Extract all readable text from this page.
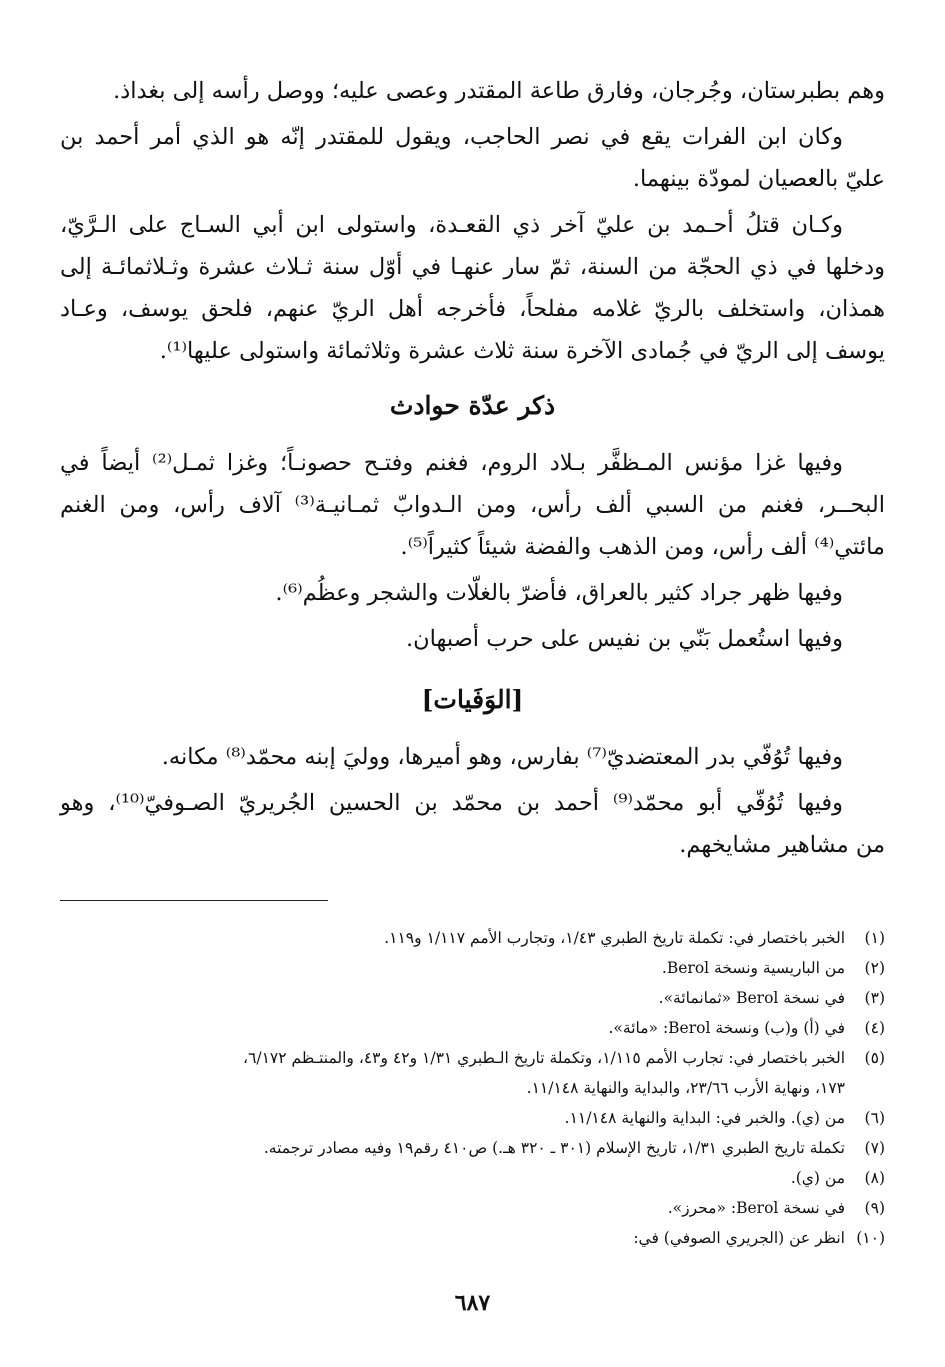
وهم بطبرستان، وجُرجان، وفارق طاعة المقتدر وعصى عليه؛ ووصل رأسه إلى بغداذ.

وكان ابن الفرات يقع في نصر الحاجب، ويقول للمقتدر إنّه هو الذي أمر أحمد بن
عليّ بالعصيان لمودّة بينهما.

وكـان قتلُ أحـمد بن عليّ آخر ذي القعـدة، واستولى ابن أبي السـاج على الـرَّيّ،
ودخلها في ذي الحجّة من السنة، ثمّ سار عنهـا في أوّل سنة ثـلاث عشرة وثـلاثمائـة إلى
همذان، واستخلف بالريّ غلامه مفلحاً، فأخرجه أهل الريّ عنهم، فلحق يوسف، وعـاد
يوسف إلى الريّ في جُمادى الآخرة سنة ثلاث عشرة وثلاثمائة واستولى عليها⁽¹⁾.

ذكر عدّة حوادث

وفيها غزا مؤنس المـظفَّر بـلاد الروم، فغنم وفتـح حصونـاً؛ وغزا ثمـل⁽²⁾ أيضاً في
البحــر، فغنم من السبي ألف رأس، ومن الـدوابّ ثمـانيـة⁽³⁾ آلاف رأس، ومن الغنم
مائتي⁽⁴⁾ ألف رأس، ومن الذهب والفضة شيئاً كثيراً⁽⁵⁾.

وفيها ظهر جراد كثير بالعراق، فأضرّ بالغلّات والشجر وعظُم⁽⁶⁾.

وفيها استُعمل بَنّي بن نفيس على حرب أصبهان.

[الوَفَيات]

وفيها تُوُفّي بدر المعتضديّ⁽⁷⁾ بفارس، وهو أميرها، ووليَ إبنه محمّد⁽⁸⁾ مكانه.

وفيها تُوُفّي أبو محمّد⁽⁹⁾ أحمد بن محمّد بن الحسين الجُريريّ الصـوفيّ⁽¹⁰⁾، وهو
من مشاهير مشايخهم.

(١)
الخبر باختصار في: تكملة تاريخ الطبري ١/٤٣، وتجارب الأمم ١/١١٧ و١١٩.
(٢)
من الباريسية ونسخة Berol.
(٣)
في نسخة Berol «ثمانمائة».
(٤)
في (أ) و(ب) ونسخة Berol: «مائة».
(٥)
الخبر باختصار في: تجارب الأمم ١/١١٥، وتكملة تاريخ الـطبري ١/٣١ و٤٢ و٤٣، والمنتـظم ٦/١٧٢،
١٧٣، ونهاية الأرب ٢٣/٦٦، والبداية والنهاية ١١/١٤٨.
(٦)
من (ي). والخبر في: البداية والنهاية ١١/١٤٨.
(٧)
تكملة تاريخ الطبري ١/٣١، تاريخ الإسلام (٣٠١ ـ ٣٢٠ هـ.) ص٤١٠ رقم١٩ وفيه مصادر ترجمته.
(٨)
من (ي).
(٩)
في نسخة Berol: «محرز».
(١٠)
انظر عن (الجريري الصوفي) في:
٦٨٧
